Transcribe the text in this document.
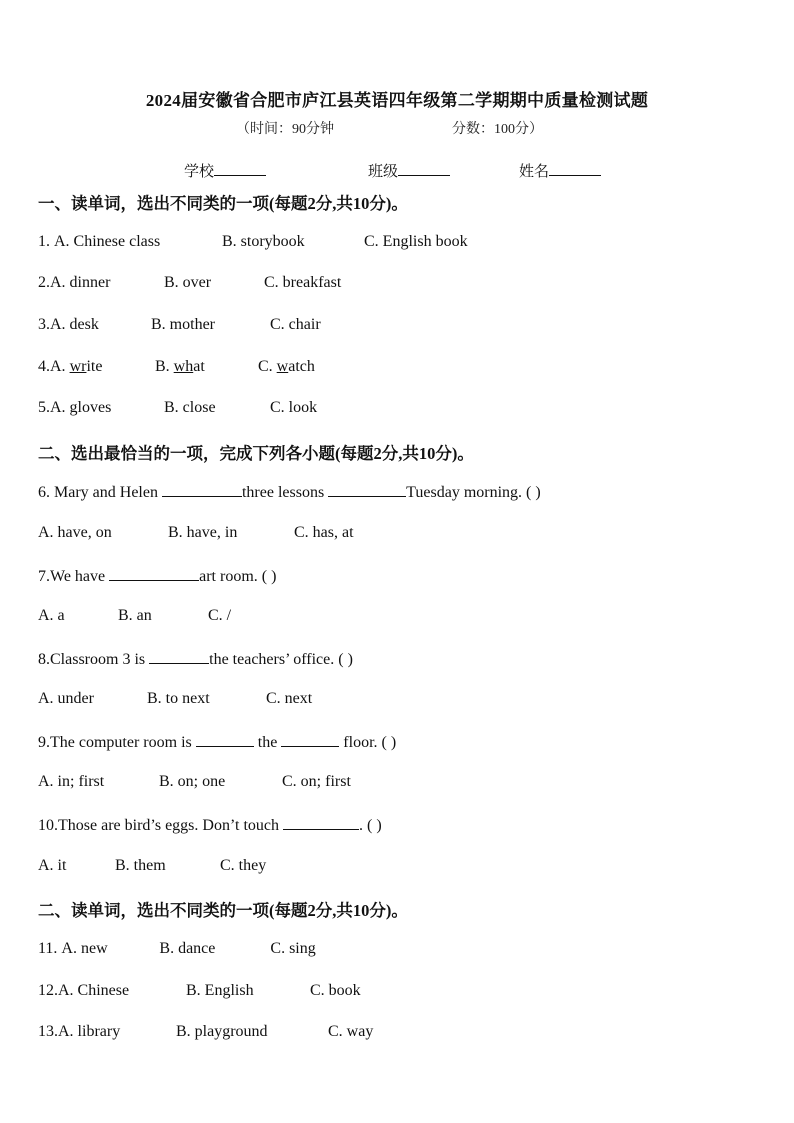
2024届安徽省合肥市庐江县英语四年级第二学期期中质量检测试题
（时间：90分钟	分数：100分）
学校	班级	姓名
一、读单词，选出不同类的一项(每题2分,共10分)。
1. A. Chinese class	B. storybook	C. English book
2.A. dinner	B. over	C. breakfast
3.A. desk	B. mother	C. chair
4.A. write	B. what	C. watch
5.A. gloves	B. close	C. look
二、选出最恰当的一项，完成下列各小题(每题2分,共10分)。
6. Mary and Helen	three lessons	Tuesday morning. ( )
A. have, on	B. have, in	C. has, at
7.We have	art room. ( )
A. a	B. an	C. /
8.Classroom 3 is	the teachers’ office. ( )
A. under	B. to next	C. next
9.The computer room is	the	floor. ( )
A. in; first	B. on; one	C. on; first
10.Those are bird’s eggs. Don’t touch	. ( )
A. it	B. them	C. they
二、读单词，选出不同类的一项(每题2分,共10分)。
11. A. new	B. dance	C. sing
12.A. Chinese	B. English	C. book
13.A. library	B. playground	C. way
